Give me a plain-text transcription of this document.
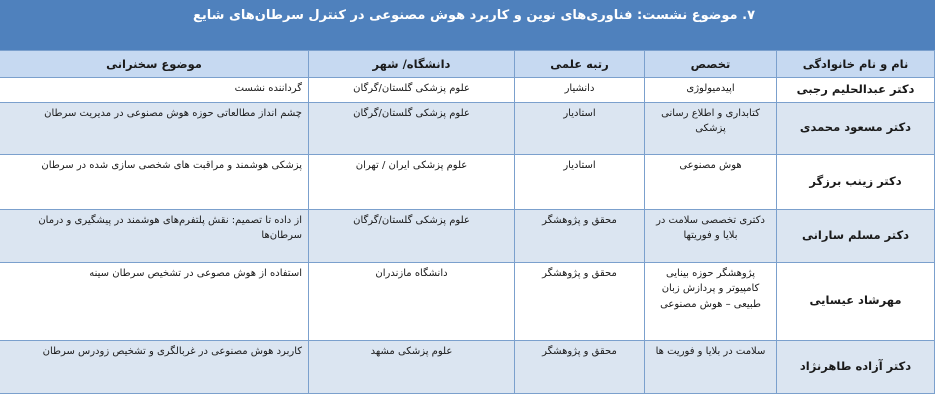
۷. موضوع نشست: فناوری‌های نوین و کاربرد هوش مصنوعی در کنترل سرطان‌های شایع
نام و نام خانوادگی	تخصص	رتبه علمی	دانشگاه/ شهر	موضوع سخنرانی
دکتر عبدالحلیم رجبی	اپیدمیولوژی	دانشیار	علوم پزشکی گلستان/گرگان	گرداننده نشست
دکتر مسعود محمدی	کتابداری و اطلاع رسانی پزشکی	استادیار	علوم پزشکی گلستان/گرگان	چشم انداز مطالعاتی حوزه هوش مصنوعی در مدیریت سرطان
دکتر زینب برزگر	هوش مصنوعی	استادیار	علوم پزشکی ایران / تهران	پزشکی هوشمند و مراقبت های شخصی سازی شده در سرطان
دکتر مسلم سارانی	دکتری تخصصی سلامت در بلایا و فوریتها	محقق و پژوهشگر	علوم پزشکی گلستان/گرگان	از داده تا تصمیم: نقش پلتفرم‌های هوشمند در پیشگیری و درمان سرطان‌ها
مهرشاد عیسایی	پژوهشگر حوزه بینایی کامپیوتر و پردازش زبان طبیعی – هوش مصنوعی	محقق و پژوهشگر	دانشگاه مازندران	استفاده از هوش مصوعی در تشخیص سرطان سینه
دکتر آزاده طاهرنژاد	سلامت در بلایا و فوریت ها	محقق و پژوهشگر	علوم پزشکی مشهد	کاربرد هوش مصنوعی در غربالگری و تشخیص زودرس سرطان
